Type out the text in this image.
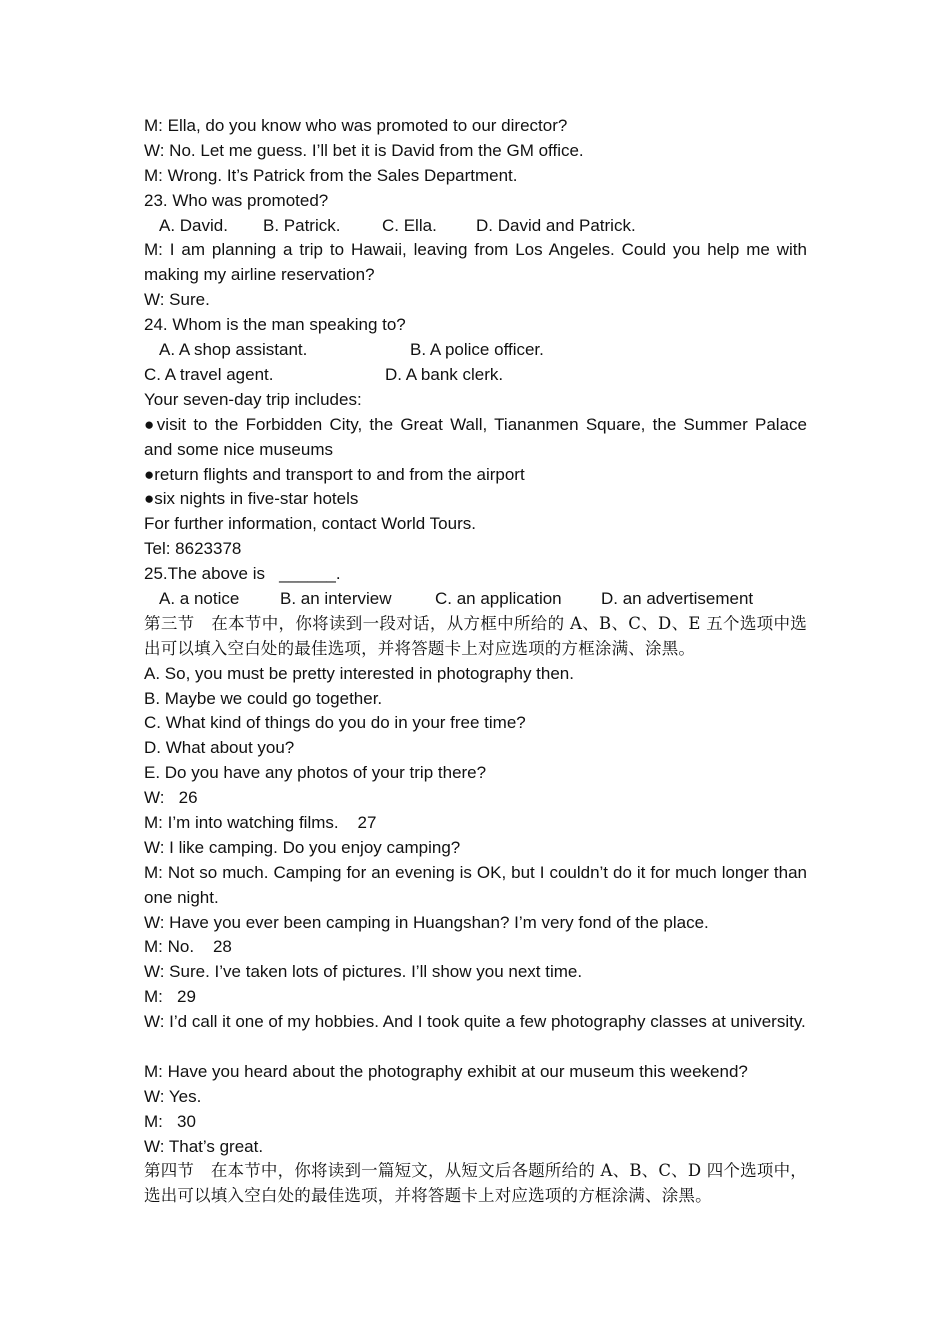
M: Ella, do you know who was promoted to our director?
W: No. Let me guess. I’ll bet it is David from the GM office.
M: Wrong. It’s Patrick from the Sales Department.
23. Who was promoted?
A. David.	B. Patrick.	C. Ella.	D. David and Patrick.
M: I am planning a trip to Hawaii, leaving from Los Angeles. Could you help me with making my airline reservation?
W: Sure.
24. Whom is the man speaking to?
A. A shop assistant.	B. A police officer.
C. A travel agent.	D. A bank clerk.
Your seven-day trip includes:
●visit to the Forbidden City, the Great Wall, Tiananmen Square, the Summer Palace and some nice museums
●return flights and transport to and from the airport
●six nights in five-star hotels
For further information, contact World Tours.
Tel: 8623378
25.The above is   ______.
A. a notice	B. an interview	C. an application	D. an advertisement
第三节　在本节中，你将读到一段对话，从方框中所给的 A、B、C、D、E 五个选项中选出可以填入空白处的最佳选项，并将答题卡上对应选项的方框涂满、涂黑。
A. So, you must be pretty interested in photography then.
B. Maybe we could go together.
C. What kind of things do you do in your free time?
D. What about you?
E. Do you have any photos of your trip there?
W:   26
M: I’m into watching films.    27
W: I like camping. Do you enjoy camping?
M: Not so much. Camping for an evening is OK, but I couldn’t do it for much longer than one night.
W: Have you ever been camping in Huangshan? I’m very fond of the place.
M: No.    28
W: Sure. I’ve taken lots of pictures. I’ll show you next time.
M:   29
W: I’d call it one of my hobbies. And I took quite a few photography classes at university.
M: Have you heard about the photography exhibit at our museum this weekend?
W: Yes.
M:   30
W: That’s great.
第四节　在本节中，你将读到一篇短文，从短文后各题所给的 A、B、C、D 四个选项中，选出可以填入空白处的最佳选项，并将答题卡上对应选项的方框涂满、涂黑。
